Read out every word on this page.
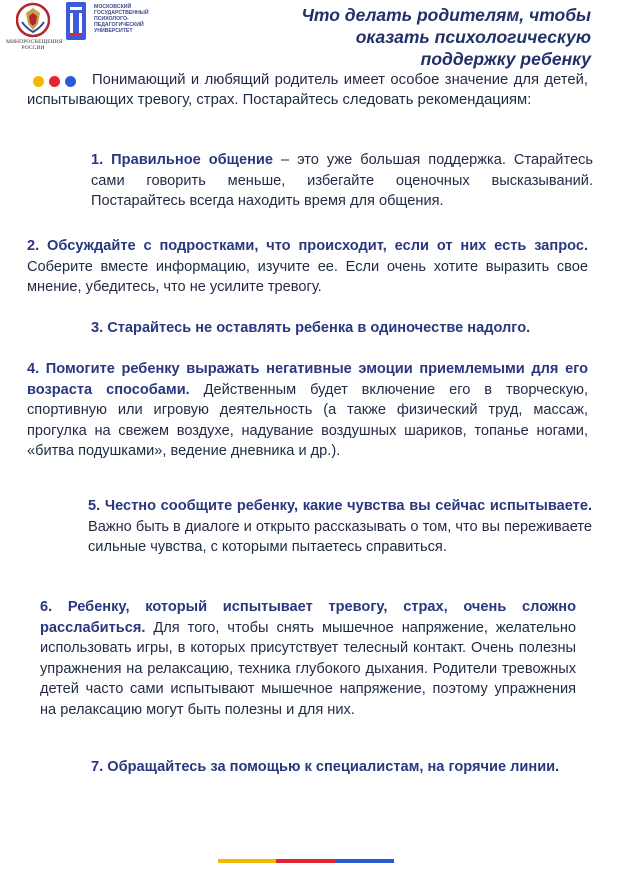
МИНПРОСВЕЩЕНИЯ РОССИИ
МОСКОВСКИЙ
ГОСУДАРСТВЕННЫЙ
ПСИХОЛОГО-
ПЕДАГОГИЧЕСКИЙ
УНИВЕРСИТЕТ
Что делать родителям, чтобы
оказать психологическую
поддержку ребенку
Понимающий и любящий родитель имеет особое значение для детей, испытывающих тревогу, страх. Постарайтесь следовать рекомендациям:
1. Правильное общение – это уже большая поддержка. Старайтесь сами говорить меньше, избегайте оценочных высказываний. Постарайтесь всегда находить время для общения.
2. Обсуждайте с подростками, что происходит, если от них есть запрос. Соберите вместе информацию, изучите ее. Если очень хотите выразить свое мнение, убедитесь, что не усилите тревогу.
3. Старайтесь не оставлять ребенка в одиночестве надолго.
4. Помогите ребенку выражать негативные эмоции приемлемыми для его возраста способами. Действенным будет включение его в творческую, спортивную или игровую деятельность (а также физический труд, массаж, прогулка на свежем воздухе, надувание воздушных шариков, топанье ногами, «битва подушками», ведение дневника и др.).
5. Честно сообщите ребенку, какие чувства вы сейчас испытываете. Важно быть в диалоге и открыто рассказывать о том, что вы переживаете сильные чувства, с которыми пытаетесь справиться.
6. Ребенку, который испытывает тревогу, страх, очень сложно расслабиться. Для того, чтобы снять мышечное напряжение, желательно использовать игры, в которых присутствует телесный контакт. Очень полезны упражнения на релаксацию, техника глубокого дыхания. Родители тревожных детей часто сами испытывают мышечное напряжение, поэтому упражнения на релаксацию могут быть полезны и для них.
7. Обращайтесь за помощью к специалистам, на горячие линии.
